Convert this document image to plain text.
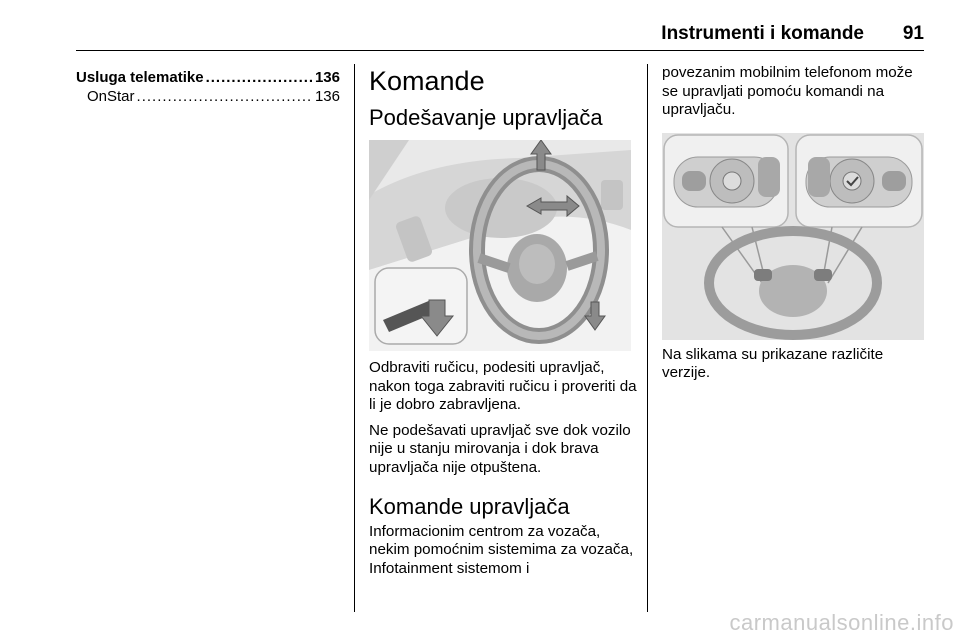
Instrumenti i komande 91
Usluga telematike .....	136
OnStar .....	136
Komande
Podešavanje upravljača

Odbraviti ručicu, podesiti upravljač, nakon toga zabraviti ručicu i proveriti da li je dobro zabravljena.

Ne podešavati upravljač sve dok vozilo nije u stanju mirovanja i dok brava upravljača nije otpuštena.

Komande upravljača

Informacionim centrom za vozača, nekim pomoćnim sistemima za vozača, Infotainment sistemom i

povezanim mobilnim telefonom može se upravljati pomoću komandi na upravljaču.

Na slikama su prikazane različite verzije.

carmanualsonline.info
